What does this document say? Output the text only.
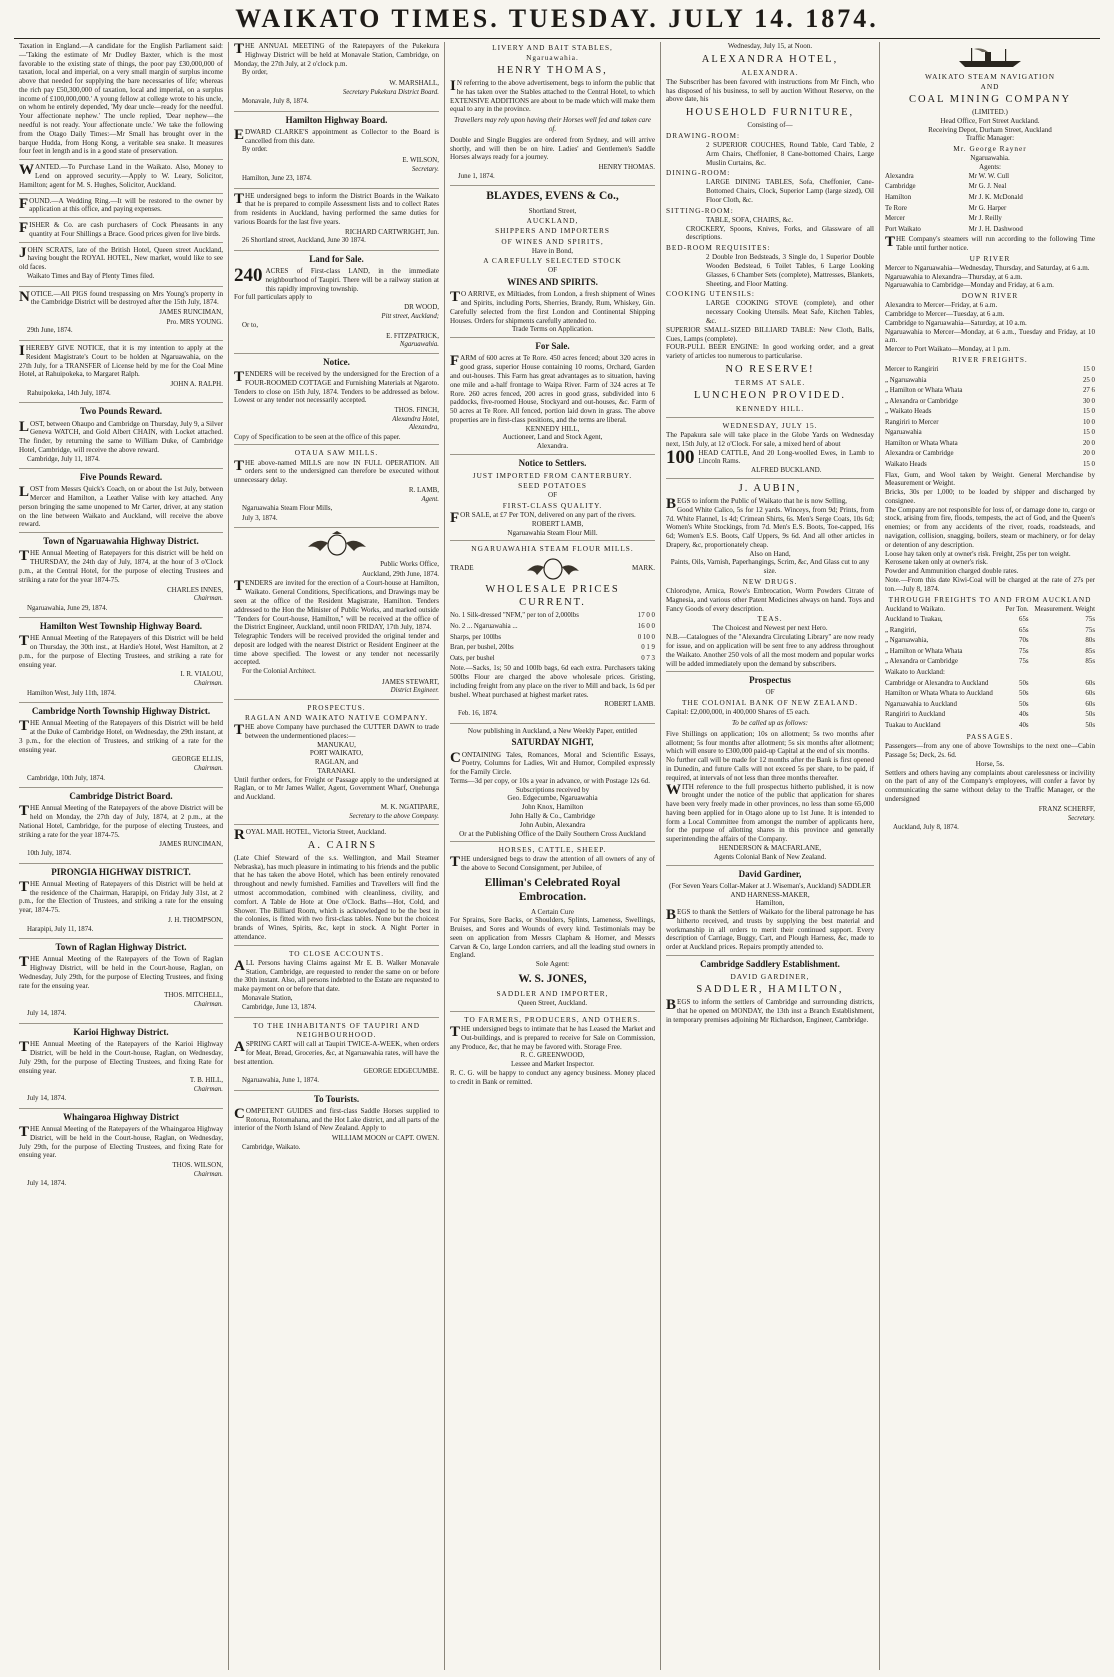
WAIKATO TIMES. TUESDAY. JULY 14. 1874.

Taxation in England.—A candidate for the English Parliament said:—'Taking the estimate of Mr Dudley Baxter, which is the most favorable to the existing state of things, the poor pay £30,000,000 of taxation, local and imperial, on a very small margin of surplus income above that needed for supplying the bare necessaries of life; whereas the rich pay £50,300,000 of taxation, local and imperial, on a surplus income of £100,000,000.' A young fellow at college wrote to his uncle, on whom he entirely depended, 'My dear uncle—ready for the needful. Your affectionate nephew.' The uncle replied, 'Dear nephew—the needful is not ready. Your affectionate uncle.' We take the following from the Otago Daily Times:—Mr Small has brought over in the barque Hudda, from Hong Kong, a veritable sea snake. It measures four feet in length and is in a good state of preservation.

WANTED.—To Purchase Land in the Waikato. Also, Money to Lend on approved security.—Apply to W. Leary, Solicitor, Hamilton; agent for M. S. Hughes, Solicitor, Auckland.

FOUND.—A Wedding Ring.—It will be restored to the owner by application at this office, and paying expenses.

FISHER & Co. are cash purchasers of Cock Pheasants in any quantity at Four Shillings a Brace. Good prices given for live birds.

JOHN SCRATS, late of the British Hotel, Queen street Auckland, having bought the ROYAL HOTEL, New market, would like to see old faces.

Waikato Times and Bay of Plenty Times filed.

NOTICE.—All PIGS found trespassing on Mrs Young's property in the Cambridge District will be destroyed after the 15th July, 1874.

JAMES RUNCIMAN,
Pro. MRS YOUNG.
29th June, 1874.

IHEREBY GIVE NOTICE, that it is my intention to apply at the Resident Magistrate's Court to be holden at Ngaruawahia, on the 27th July, for a TRANSFER of License held by me for the Coal Mine Hotel, at Rahuipokeka, to Margaret Ralph.

JOHN A. RALPH.
Rahuipokeka, 14th July, 1874.
Two Pounds Reward.

LOST, between Ohaupo and Cambridge on Thursday, July 9, a Silver Geneva WATCH, and Gold Albert CHAIN, with Locket attached. The finder, by returning the same to William Duke, of Cambridge Hotel, Cambridge, will receive the above reward.

Cambridge, July 11, 1874.
Five Pounds Reward.

LOST from Messrs Quick's Coach, on or about the 1st July, between Mercer and Hamilton, a Leather Valise with key attached. Any person bringing the same unopened to Mr Carter, driver, at any station on the line between Waikato and Auckland, will receive the above reward.

Town of Ngaruawahia Highway District.

THE Annual Meeting of Ratepayers for this district will be held on THURSDAY, the 24th day of July, 1874, at the hour of 3 o'Clock p.m., at the Central Hotel, for the purpose of electing Trustees and striking a rate for the year 1874-75.

CHARLES INNES,
Chairman.
Ngaruawahia, June 29, 1874.
Hamilton West Township Highway Board.

THE Annual Meeting of the Ratepayers of this District will be held on Thursday, the 30th inst., at Hardie's Hotel, West Hamilton, at 2 p.m., for the purpose of Electing Trustees, and striking a rate for ensuing year.

I. R. VIALOU,
Chairman.
Hamilton West, July 11th, 1874.
Cambridge North Township Highway District.

THE Annual Meeting of the Ratepayers of this District will be held at the Duke of Cambridge Hotel, on Wednesday, the 29th instant, at 3 p.m., for the election of Trustees, and striking of a rate for the ensuing year.

GEORGE ELLIS,
Chairman.
Cambridge, 10th July, 1874.
Cambridge District Board.

THE Annual Meeting of the Ratepayers of the above District will be held on Monday, the 27th day of July, 1874, at 2 p.m., at the National Hotel, Cambridge, for the purpose of electing Trustees, and striking a rate for the year 1874-75.

JAMES RUNCIMAN,
10th July, 1874.
PIRONGIA HIGHWAY DISTRICT.

THE Annual Meeting of Ratepayers of this District will be held at the residence of the Chairman, Harapipi, on Friday July 31st, at 2 p.m., for the Election of Trustees, and striking a rate for the ensuing year, 1874-75.

J. H. THOMPSON,
Harapipi, July 11, 1874.
Town of Raglan Highway District.

THE Annual Meeting of the Ratepayers of the Town of Raglan Highway District, will be held in the Court-house, Raglan, on Wednesday, July 29th, for the purpose of Electing Trustees, and fixing rate for the ensuing year.

THOS. MITCHELL,
Chairman.
July 14, 1874.
Karioi Highway District.

THE Annual Meeting of the Ratepayers of the Karioi Highway District, will be held in the Court-house, Raglan, on Wednesday, July 29th, for the purpose of Electing Trustees, and fixing Rate for ensuing year.

T. B. HILL,
Chairman.
July 14, 1874.
Whaingaroa Highway District

THE Annual Meeting of the Ratepayers of the Whaingaroa Highway District, will be held in the Court-house, Raglan, on Wednesday, July 29th, for the purpose of Electing Trustees, and fixing Rate for ensuing year.

THOS. WILSON,
Chairman.
July 14, 1874.

THE ANNUAL MEETING of the Ratepayers of the Pukekura Highway District will be held at Monavale Station, Cambridge, on Monday, the 27th July, at 2 o'clock p.m.

By order,
W. MARSHALL,
Secretary Pukekura District Board.
Monavale, July 8, 1874.
Hamilton Highway Board.

EDWARD CLARKE'S appointment as Collector to the Board is cancelled from this date.

By order.
E. WILSON,
Secretary.
Hamilton, June 23, 1874.

THE undersigned begs to inform the District Boards in the Waikato that he is prepared to compile Assessment lists and to collect Rates from residents in Auckland, having performed the same duties for various Boards for the last five years.

RICHARD CARTWRIGHT, Jun.
26 Shortland street, Auckland, June 30 1874.
Land for Sale.

240 ACRES of First-class LAND, in the immediate neighbourhood of Taupiri. There will be a railway station at this rapidly improving township.

For full particulars apply to

DR WOOD,
Pitt street, Auckland;
Or to,
E. FITZPATRICK,
Ngaruawahia.
Notice.

TENDERS will be received by the undersigned for the Erection of a FOUR-ROOMED COTTAGE and Furnishing Materials at Ngaroto. Tenders to close on 15th July, 1874. Tenders to be addressed as below. Lowest or any tender not necessarily accepted.

THOS. FINCH,
Alexandra Hotel,
Alexandra,

Copy of Specification to be seen at the office of this paper.

OTAUA SAW MILLS.

THE above-named MILLS are now IN FULL OPERATION. All orders sent to the undersigned can therefore be executed without unnecessary delay.

R. LAMB,
Agent.
Ngaruawahia Steam Flour Mills,
July 3, 1874.
Public Works Office,
Auckland, 29th June, 1874.

TENDERS are invited for the erection of a Court-house at Hamilton, Waikato. General Conditions, Specifications, and Drawings may be seen at the office of the Resident Magistrate, Hamilton. Tenders addressed to the Hon the Minister of Public Works, and marked outside "Tenders for Court-house, Hamilton," will be received at the office of the District Engineer, Auckland, until noon FRIDAY, 17th July, 1874.

Telegraphic Tenders will be received provided the original tender and deposit are lodged with the nearest District or Resident Engineer at the time above specified. The lowest or any tender not necessarily accepted.

For the Colonial Architect.
JAMES STEWART,
District Engineer.
PROSPECTUS.
RAGLAN AND WAIKATO NATIVE COMPANY.

THE above Company have purchased the CUTTER DAWN to trade between the undermentioned places:—

MANUKAU,
PORT WAIKATO,
RAGLAN, and
TARANAKI.

Until further orders, for Freight or Passage apply to the undersigned at Raglan, or to Mr James Waller, Agent, Government Wharf, Onehunga and Auckland.

M. K. NGATIPARE,
Secretary to the above Company.

ROYAL MAIL HOTEL, Victoria Street, Auckland.

A. CAIRNS

(Late Chief Steward of the s.s. Wellington, and Mail Steamer Nebraska), has much pleasure in intimating to his friends and the public that he has taken the above Hotel, which has been entirely renovated throughout and newly furnished. Families and Travellers will find the utmost accommodation, combined with cleanliness, civility, and comfort. A Table de Hote at One o'Clock. Baths—Hot, Cold, and Shower. The Billiard Room, which is acknowledged to be the best in the colonies, is fitted with two first-class tables. None but the choicest brands of Wines, Spirits, &c, kept in stock. A Night Porter in attendance.

TO CLOSE ACCOUNTS.

ALL Persons having Claims against Mr E. B. Walker Monavale Station, Cambridge, are requested to render the same on or before the 30th instant. Also, all persons indebted to the Estate are requested to make payment on or before that date.

Monavale Station,
Cambridge, June 13, 1874.
TO THE INHABITANTS OF TAUPIRI AND NEIGHBOURHOOD.

ASPRING CART will call at Taupiri TWICE-A-WEEK, when orders for Meat, Bread, Groceries, &c, at Ngaruawahia rates, will have the best attention.

GEORGE EDGECUMBE.
Ngaruawahia, June 1, 1874.
To Tourists.

COMPETENT GUIDES and first-class Saddle Horses supplied to Rotorua, Rotomahana, and the Hot Lake district, and all parts of the interior of the North Island of New Zealand. Apply to

WILLIAM MOON or CAPT. OWEN.
Cambridge, Waikato.
LIVERY AND BAIT STABLES,
Ngaruawahia.
HENRY THOMAS,

IN referring to the above advertisement, begs to inform the public that he has taken over the Stables attached to the Central Hotel, to which EXTENSIVE ADDITIONS are about to be made which will make them equal to any in the province.

Travellers may rely upon having their Horses well fed and taken care of.

Double and Single Buggies are ordered from Sydney, and will arrive shortly, and will then be on hire. Ladies' and Gentlemen's Saddle Horses always ready for a journey.

HENRY THOMAS.
June 1, 1874.
BLAYDES, EVENS & Co.,
Shortland Street,
AUCKLAND,
SHIPPERS AND IMPORTERS
OF WINES AND SPIRITS,
Have in Bond,
A CAREFULLY SELECTED STOCK
OF
WINES AND SPIRITS.

TO ARRIVE, ex Miltiades, from London, a fresh shipment of Wines and Spirits, including Ports, Sherries, Brandy, Rum, Whiskey, Gin. Carefully selected from the first London and Continental Shipping Houses. Orders for shipments carefully attended to.

Trade Terms on Application.
For Sale.

FARM of 600 acres at Te Rore. 450 acres fenced; about 320 acres in good grass, superior House containing 10 rooms, Orchard, Garden and out-houses. This Farm has great advantages as to situation, having one mile and a-half frontage to Waipa River. Farm of 324 acres at Te Rore. 260 acres fenced, 200 acres in good grass, subdivided into 6 paddocks, five-roomed House, Stockyard and out-houses, &c. Farm of 50 acres at Te Rore. All fenced, portion laid down in grass. The above properties are in first-class positions, and the terms are liberal.

KENNEDY HILL,
Auctioneer, Land and Stock Agent,
Alexandra.
Notice to Settlers.
JUST IMPORTED FROM CANTERBURY.
SEED POTATOES
OF
FIRST-CLASS QUALITY.

FOR SALE, at £7 Per TON, delivered on any part of the rivers.

ROBERT LAMB,
Ngaruawahia Steam Flour Mill.
NGARUAWAHIA STEAM FLOUR MILLS.
TRADE	MARK.
WHOLESALE PRICES CURRENT.
No. 1 Silk-dressed "NFM," per ton of 2,000lbs	17 0 0
No. 2 ... Ngaruawahia ...	16 0 0
Sharps, per 100lbs	0 10 0
Bran, per bushel, 20lbs	0 1 9
Oats, per bushel	0 7 3

Note.—Sacks, 1s; 50 and 100lb bags, 6d each extra. Purchasers taking 500lbs Flour are charged the above wholesale prices. Gristing, including freight from any place on the river to Mill and back, 1s 6d per bushel. Wheat purchased at highest market rates.

ROBERT LAMB.
Feb. 16, 1874.
Now publishing in Auckland, a New Weekly Paper, entitled
SATURDAY NIGHT,

CONTAINING Tales, Romances, Moral and Scientific Essays, Poetry, Columns for Ladies, Wit and Humor, Compiled expressly for the Family Circle.

Terms—3d per copy, or 10s a year in advance, or with Postage 12s 6d.

Subscriptions received by
Geo. Edgecumbe, Ngaruawahia
John Knox, Hamilton
John Hally & Co., Cambridge
John Aubin, Alexandra
Or at the Publishing Office of the Daily Southern Cross Auckland
HORSES, CATTLE, SHEEP.

THE undersigned begs to draw the attention of all owners of any of the above to Second Consignment, per Jubilee, of

Elliman's Celebrated Royal Embrocation.
A Certain Cure

For Sprains, Sore Backs, or Shoulders, Splints, Lameness, Swellings, Bruises, and Sores and Wounds of every kind. Testimonials may be seen on application from Messrs Clapham & Horner, and Messrs Carvan & Co, large London carriers, and all the leading stud owners in England.

Sole Agent:
W. S. JONES,
SADDLER AND IMPORTER,
Queen Street, Auckland.
TO FARMERS, PRODUCERS, AND OTHERS.

THE undersigned begs to intimate that he has Leased the Market and Out-buildings, and is prepared to receive for Sale on Commission, any Produce, &c, that he may be favored with. Storage Free.

R. C. GREENWOOD,
Lessee and Market Inspector.

R. C. G. will be happy to conduct any agency business. Money placed to credit in Bank or remitted.

Wednesday, July 15, at Noon.
ALEXANDRA HOTEL,
ALEXANDRA.

The Subscriber has been favored with instructions from Mr Finch, who has disposed of his business, to sell by auction Without Reserve, on the above date, his

HOUSEHOLD FURNITURE,
Consisting of—
DRAWING-ROOM:

2 SUPERIOR COUCHES, Round Table, Card Table, 2 Arm Chairs, Cheffonier, 8 Cane-bottomed Chairs, Large Muslin Curtains, &c.

DINING-ROOM:

LARGE DINING TABLES, Sofa, Cheffonier, Cane-Bottomed Chairs, Clock, Superior Lamp (large sized), Oil Floor Cloth, &c.

SITTING-ROOM:

TABLE, SOFA, CHAIRS, &c.

CROCKERY, Spoons, Knives, Forks, and Glassware of all descriptions.

BED-ROOM REQUISITES:

2 Double Iron Bedsteads, 3 Single do, 1 Superior Double Wooden Bedstead, 6 Toilet Tables, 6 Large Looking Glasses, 6 Chamber Sets (complete), Mattresses, Blankets, Sheeting, and Floor Matting.

COOKING UTENSILS:

LARGE COOKING STOVE (complete), and other necessary Cooking Utensils. Meat Safe, Kitchen Tables, &c.

SUPERIOR SMALL-SIZED BILLIARD TABLE: New Cloth, Balls, Cues, Lamps (complete).

FOUR-PULL BEER ENGINE: In good working order, and a great variety of articles too numerous to particularise.

NO RESERVE!
TERMS AT SALE.
LUNCHEON PROVIDED.
KENNEDY HILL.
WEDNESDAY, JULY 15.

The Papakura sale will take place in the Globe Yards on Wednesday next, 15th July, at 12 o'Clock. For sale, a mixed herd of about

100 HEAD CATTLE, And 20 Long-woolled Ewes, in Lamb to Lincoln Rams.

ALFRED BUCKLAND.
J. AUBIN,

BEGS to inform the Public of Waikato that he is now Selling,

Good White Calico, 5s for 12 yards. Winceys, from 9d; Prints, from 7d. White Flannel, 1s 4d; Crimean Shirts, 6s. Men's Serge Coats, 10s 6d; Women's White Stockings, from 7d. Men's E.S. Boots, Toe-capped, 16s 6d; Women's E.S. Boots, Calf Uppers, 9s 6d. And all other articles in Drapery, &c, proportionately cheap.

Also on Hand,
Paints, Oils, Varnish, Paperhangings, Scrim, &c, And Glass cut to any size.
NEW DRUGS.

Chlorodyne, Arnica, Rowe's Embrocation, Worm Powders Citrate of Magnesia, and various other Patent Medicines always on hand. Toys and Fancy Goods of every description.

TEAS.
The Choicest and Newest per next Hero.

N.B.—Catalogues of the "Alexandra Circulating Library" are now ready for issue, and on application will be sent free to any address throughout the Waikato. Another 250 vols of all the most modern and popular works will be added immediately upon the demand by subscribers.

Prospectus
OF
THE COLONIAL BANK OF NEW ZEALAND.

Capital: £2,000,000, in 400,000 Shares of £5 each.

To be called up as follows:

Five Shillings on application; 10s on allotment; 5s two months after allotment; 5s four months after allotment; 5s six months after allotment; which will ensure to £300,000 paid-up Capital at the end of six months.

No further call will be made for 12 months after the Bank is first opened in Dunedin, and future Calls will not exceed 5s per share, to be paid, if required, at intervals of not less than three months thereafter.

WITH reference to the full prospectus hitherto published, it is now brought under the notice of the public that application for shares have been very freely made in other provinces, no less than some 65,000 having been applied for in Otago alone up to 1st June. It is intended to form a Local Committee from amongst the number of applicants here, for the purpose of allotting shares in this province and generally superintending the affairs of the Company.

HENDERSON & MACFARLANE,
Agents Colonial Bank of New Zealand.
David Gardiner,
(For Seven Years Collar-Maker at J. Wiseman's, Auckland) SADDLER AND HARNESS-MAKER,
Hamilton,

BEGS to thank the Settlers of Waikato for the liberal patronage he has hitherto received, and trusts by supplying the best material and workmanship in all orders to merit their continued support. Every description of Carriage, Buggy, Cart, and Plough Harness, &c, made to order at Auckland prices. Repairs promptly attended to.

Cambridge Saddlery Establishment.
DAVID GARDINER,
SADDLER, HAMILTON,

BEGS to inform the settlers of Cambridge and surrounding districts, that he opened on MONDAY, the 13th inst a Branch Establishment, in temporary premises adjoining Mr Richardson, Engineer, Cambridge.

WAIKATO STEAM NAVIGATION
AND
COAL MINING COMPANY
(LIMITED.)
Head Office, Fort Street Auckland.
Receiving Depot, Durham Street, Auckland
Traffic Manager:
Mr. George Rayner
Ngaruawahia.
Agents:
Alexandra	Mr W. W. Cull
Cambridge	Mr G. J. Neal
Hamilton	Mr J. K. McDonald
Te Rore	Mr G. Harper
Mercer	Mr J. Reilly
Port Waikato	Mr J. H. Dashwood

THE Company's steamers will run according to the following Time Table until further notice.

UP RIVER

Mercer to Ngaruawahia—Wednesday, Thursday, and Saturday, at 6 a.m.

Ngaruawahia to Alexandra—Thursday, at 6 a.m.

Ngaruawahia to Cambridge—Monday and Friday, at 6 a.m.

DOWN RIVER

Alexandra to Mercer—Friday, at 6 a.m.

Cambridge to Mercer—Tuesday, at 6 a.m.

Cambridge to Ngaruawahia—Saturday, at 10 a.m.

Ngaruawahia to Mercer—Monday, at 6 a.m., Tuesday and Friday, at 10 a.m.

Mercer to Port Waikato—Monday, at 1 p.m.

RIVER FREIGHTS.
Mercer to Rangiriri	15 0
„ Ngaruawahia	25 0
„ Hamilton or Whata Whata	27 6
„ Alexandra or Cambridge	30 0
„ Waikato Heads	15 0
Rangiriri to Mercer	10 0
Ngaruawahia	15 0
Hamilton or Whata Whata	20 0
Alexandra or Cambridge	20 0
Waikato Heads	15 0

Flax, Gum, and Wool taken by Weight. General Merchandise by Measurement or Weight.

Bricks, 30s per 1,000; to be loaded by shipper and discharged by consignee.

The Company are not responsible for loss of, or damage done to, cargo or stock, arising from fire, floods, tempests, the act of God, and the Queen's enemies; or from any accidents of the river, roads, roadsteads, and navigation, collision, snagging, boilers, steam or machinery, or for delay or detention of any description.

Loose hay taken only at owner's risk. Freight, 25s per ton weight.

Kerosene taken only at owner's risk.

Powder and Ammunition charged double rates.

Note.—From this date Kiwi-Coal will be charged at the rate of 27s per ton.—July 8, 1874.

THROUGH FREIGHTS TO AND FROM AUCKLAND
Auckland to Waikato.	Per Ton.	Measurement. Weight
Auckland to Tuakau,	65s	75s
„ Rangiriri,	65s	75s
„ Ngaruawahia,	70s	80s
„ Hamilton or Whata Whata	75s	85s
„ Alexandra or Cambridge	75s	85s
Waikato to Auckland:		
Cambridge or Alexandra to Auckland	50s	60s
Hamilton or Whata Whata to Auckland	50s	60s
Ngaruawahia to Auckland	50s	60s
Rangiriri to Auckland	40s	50s
Tuakau to Auckland	40s	50s
PASSAGES.

Passengers—from any one of above Townships to the next one—Cabin Passage 5s; Deck, 2s. 6d.

Horse, 5s.

Settlers and others having any complaints about carelessness or incivility on the part of any of the Company's employees, will confer a favor by communicating the same without delay to the Traffic Manager, or the undersigned

FRANZ SCHERFF,
Secretary.
Auckland, July 8, 1874.
